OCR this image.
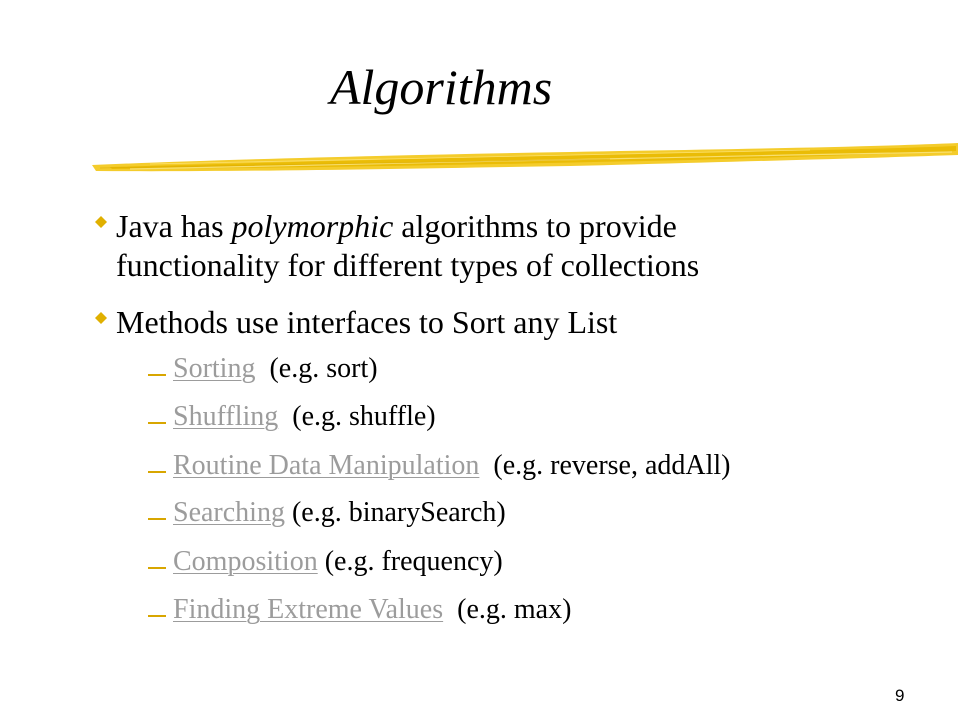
Algorithms
Java has polymorphic algorithms to provide
functionality for different types of collections
Methods use interfaces to Sort any List
Sorting (e.g. sort)
Shuffling (e.g. shuffle)
Routine Data Manipulation (e.g. reverse, addAll)
Searching (e.g. binarySearch)
Composition (e.g. frequency)
Finding Extreme Values (e.g. max)
9
